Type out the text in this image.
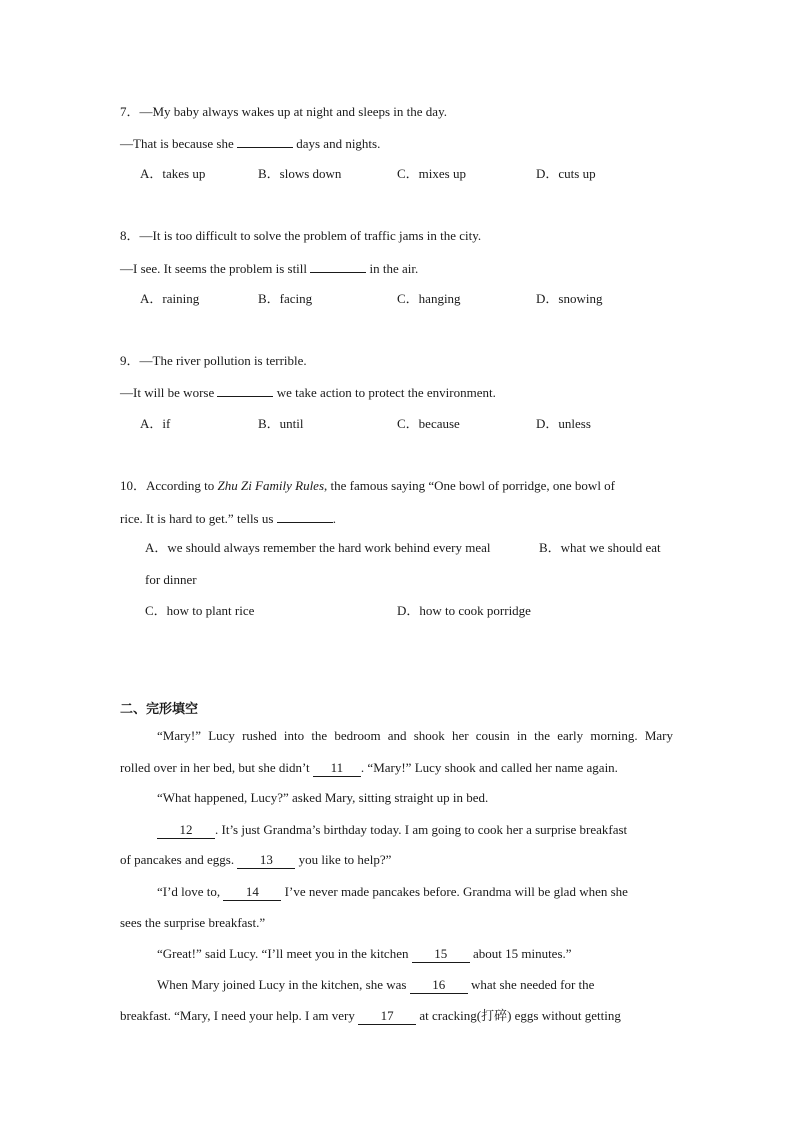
7．—My baby always wakes up at night and sleeps in the day.
—That is because she	days and nights.
A．takes up	B．slows down	C．mixes up	D．cuts up
8．—It is too difficult to solve the problem of traffic jams in the city.
—I see. It seems the problem is still	in the air.
A．raining	B．facing	C．hanging	D．snowing
9．—The river pollution is terrible.
—It will be worse	we take action to protect the environment.
A．if	B．until	C．because	D．unless
10．According to Zhu Zi Family Rules, the famous saying “One bowl of porridge, one bowl of
rice. It is hard to get.” tells us	.
A．we should always remember the hard work behind every meal	B．what we should eat
for dinner
C．how to plant rice	D．how to cook porridge
二、完形填空
“Mary!” Lucy rushed into the bedroom and shook her cousin in the early morning. Mary
rolled over in her bed, but she didn’t 11 . “Mary!” Lucy shook and called her name again.
“What happened, Lucy?” asked Mary, sitting straight up in bed.
12 . It’s just Grandma’s birthday today. I am going to cook her a surprise breakfast
of pancakes and eggs. 13 you like to help?”
“I’d love to, 14 I’ve never made pancakes before. Grandma will be glad when she
sees the surprise breakfast.”
“Great!” said Lucy. “I’ll meet you in the kitchen 15 about 15 minutes.”
When Mary joined Lucy in the kitchen, she was 16 what she needed for the
breakfast. “Mary, I need your help. I am very 17 at cracking(打碎) eggs without getting
